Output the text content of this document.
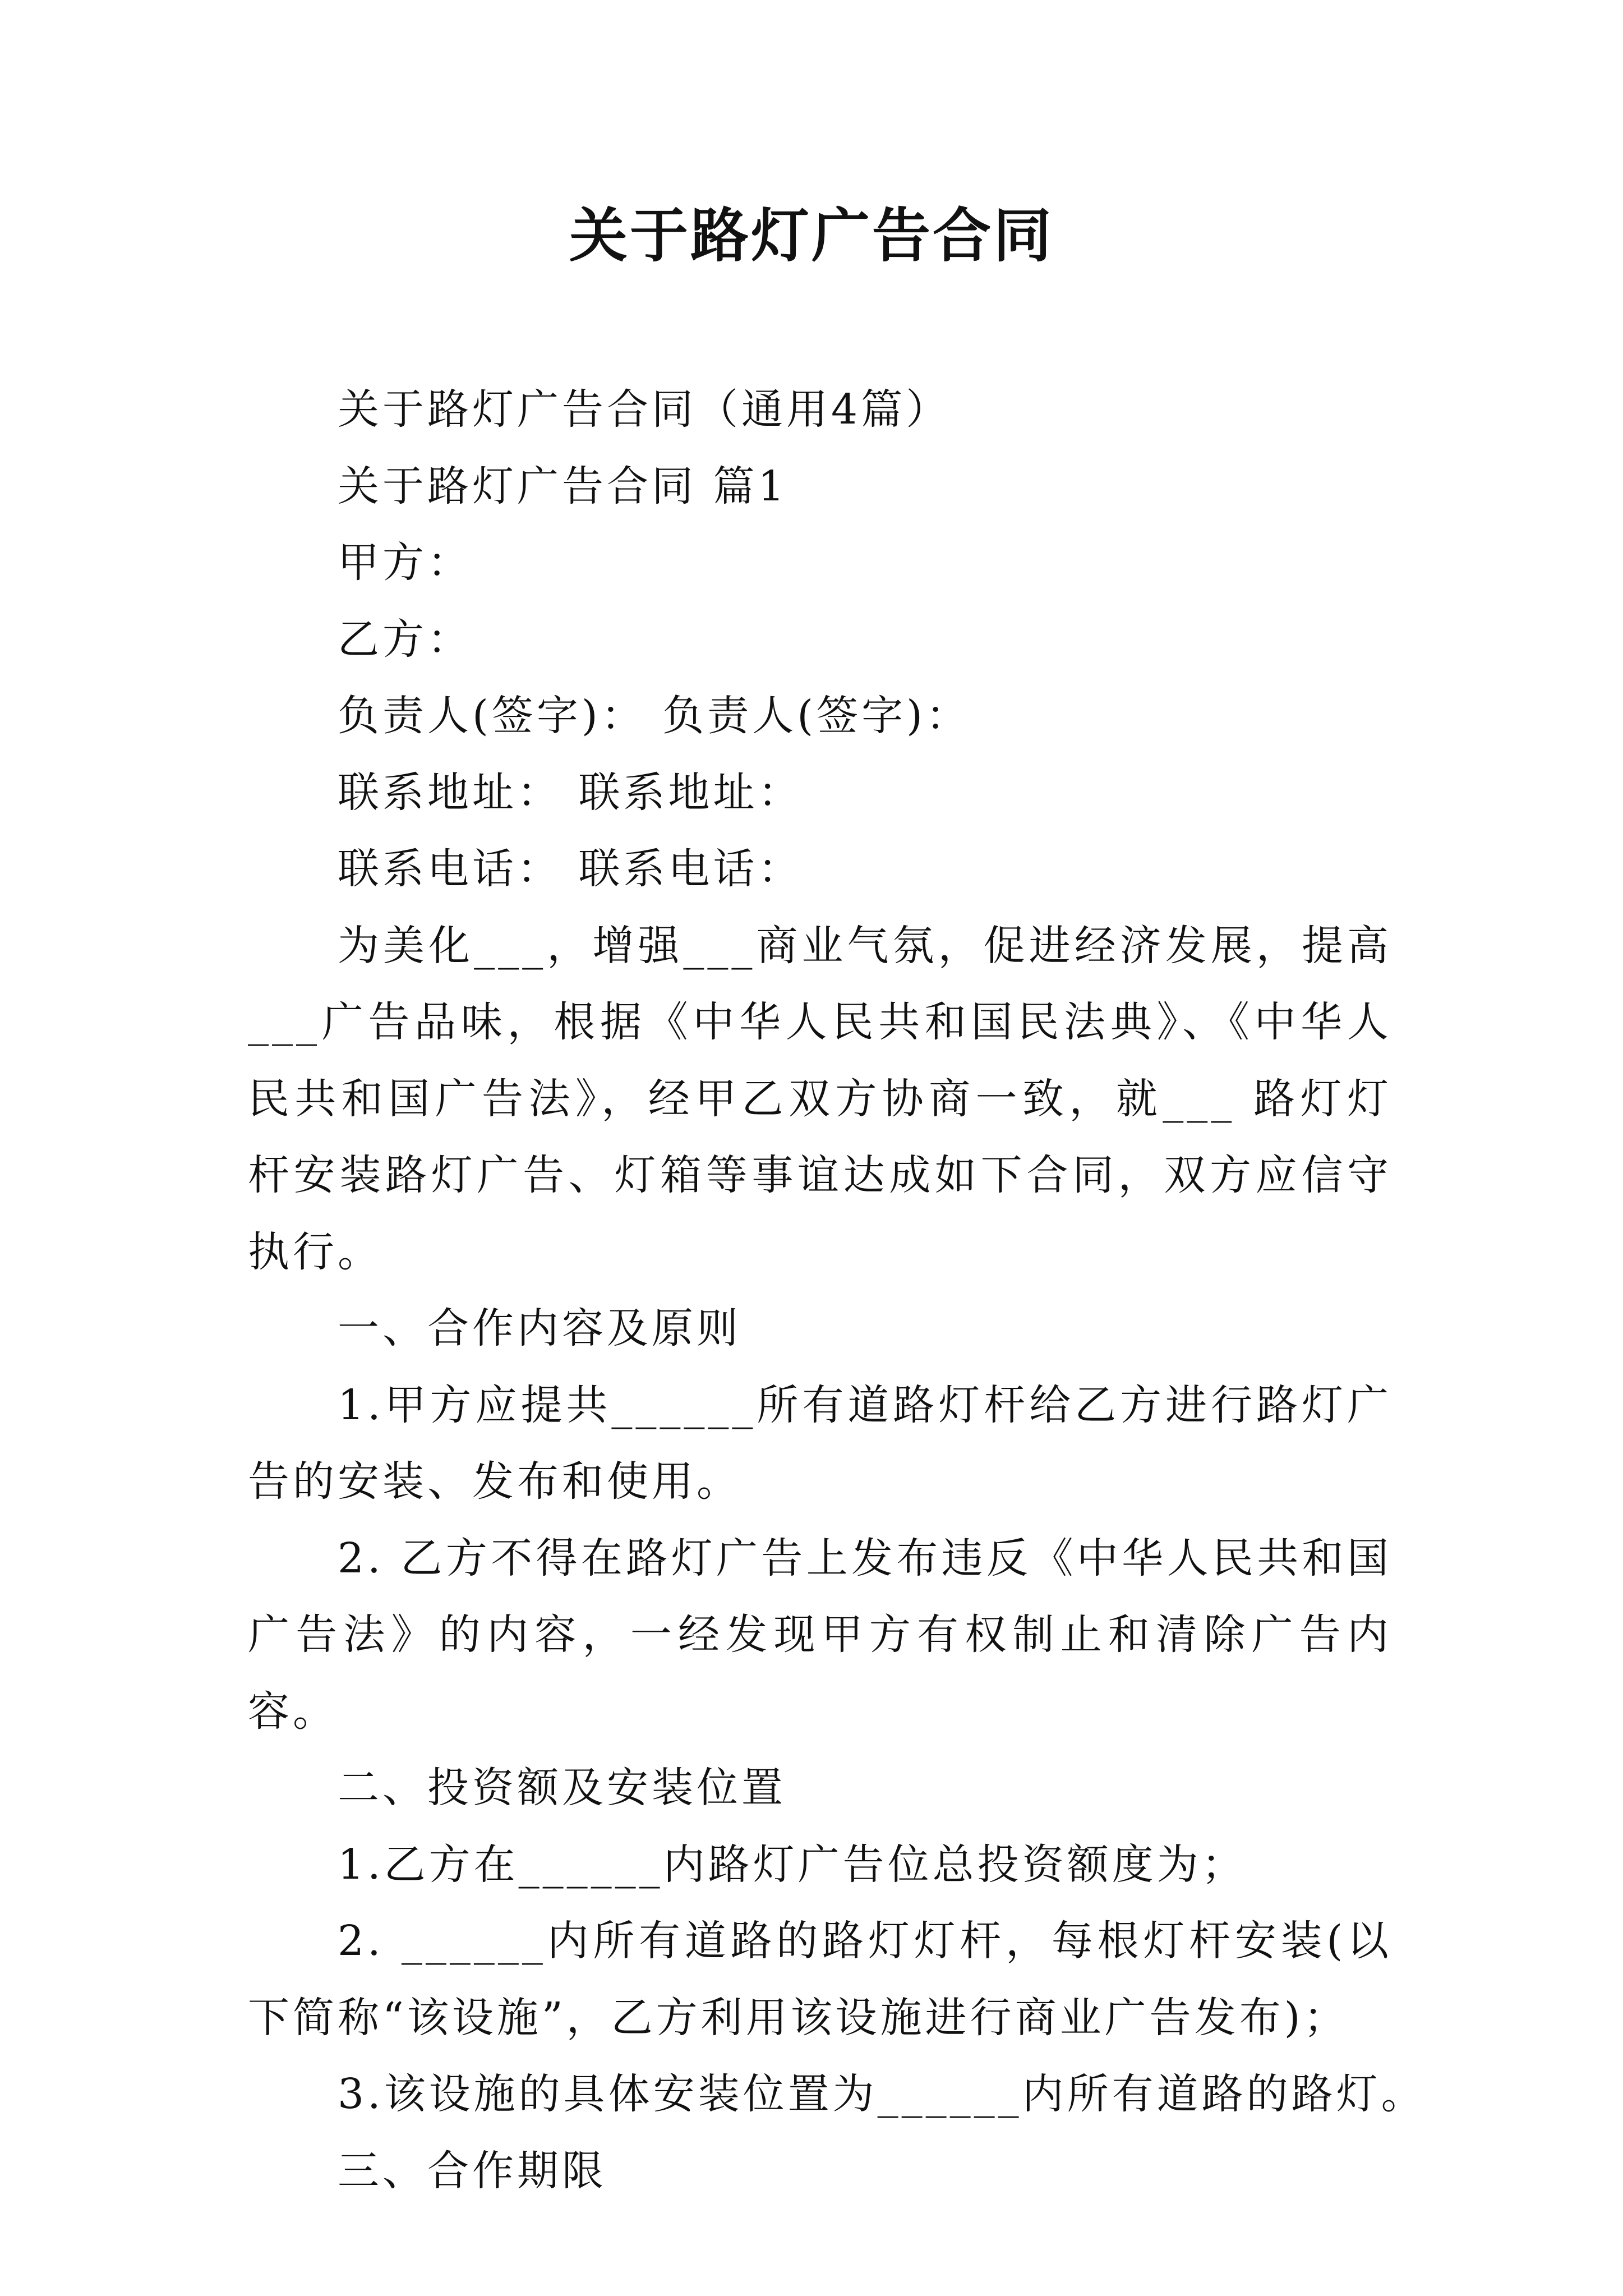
关于路灯广告合同

关于路灯广告合同（通用4篇）

关于路灯广告合同 篇1

甲方：

乙方：

负责人(签字)： 负责人(签字)：

联系地址： 联系地址：

联系电话： 联系电话：

为美化___，增强___商业气氛，促进经济发展，提高___广告品味，根据《中华人民共和国民法典》、《中华人民共和国广告法》，经甲乙双方协商一致，就___ 路灯灯杆安装路灯广告、灯箱等事谊达成如下合同，双方应信守执行。

一、合作内容及原则

1.甲方应提共______所有道路灯杆给乙方进行路灯广告的安装、发布和使用。

2. 乙方不得在路灯广告上发布违反《中华人民共和国广告法》的内容，一经发现甲方有权制止和清除广告内容。

二、投资额及安装位置

1.乙方在______内路灯广告位总投资额度为；

2. ______内所有道路的路灯灯杆，每根灯杆安装(以下简称“该设施”，乙方利用该设施进行商业广告发布)；

3.该设施的具体安装位置为______内所有道路的路灯。

三、合作期限
